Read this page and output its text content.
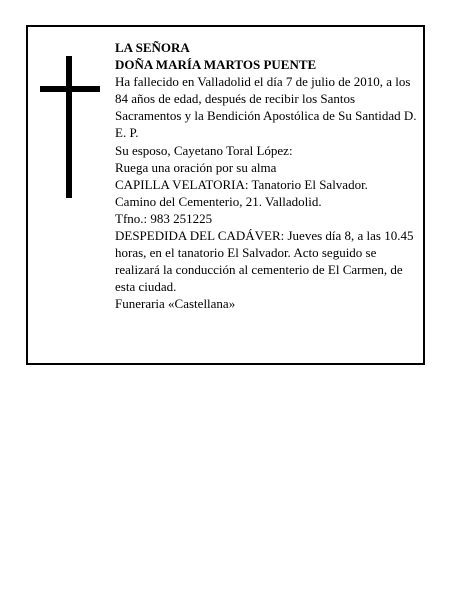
LA SEÑORA

DOÑA MARÍA MARTOS PUENTE

Ha fallecido en Valladolid el día 7 de julio de 2010, a los 84 años de edad, después de recibir los Santos Sacramentos y la Bendición Apostólica de Su Santidad D. E. P.

Su esposo, Cayetano Toral López:

Ruega una oración por su alma

CAPILLA VELATORIA: Tanatorio El Salvador.

Camino del Cementerio, 21. Valladolid.

Tfno.: 983 251225

DESPEDIDA DEL CADÁVER: Jueves día 8, a las 10.45 horas, en el tanatorio El Salvador. Acto seguido se realizará la conducción al cementerio de El Carmen, de esta ciudad.

Funeraria «Castellana»
